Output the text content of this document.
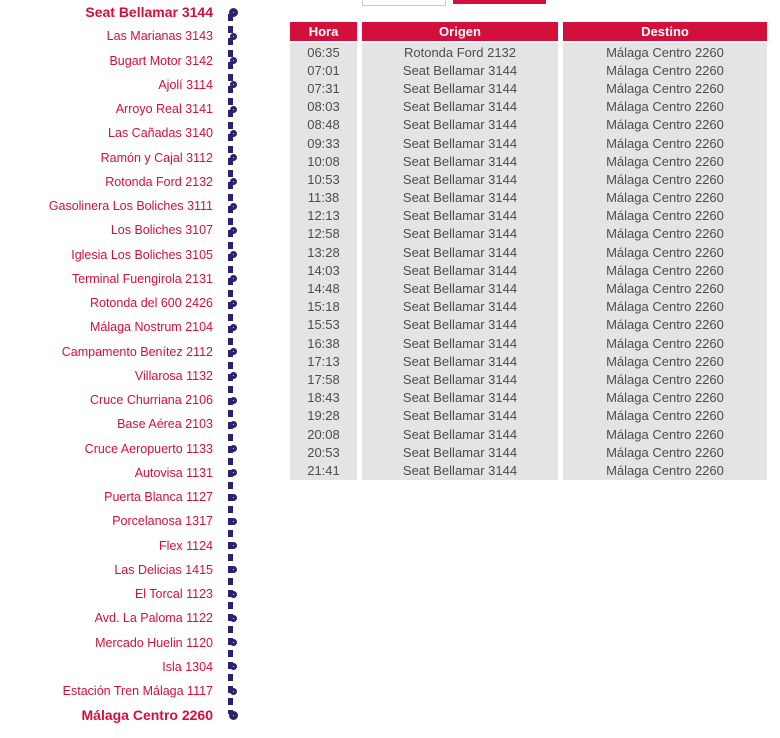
Seat Bellamar 3144
Las Marianas 3143
Bugart Motor 3142
Ajolí 3114
Arroyo Real 3141
Las Cañadas 3140
Ramón y Cajal 3112
Rotonda Ford 2132
Gasolinera Los Boliches 3111
Los Boliches 3107
Iglesia Los Boliches 3105
Terminal Fuengirola 2131
Rotonda del 600 2426
Málaga Nostrum 2104
Campamento Benítez 2112
Villarosa 1132
Cruce Churriana 2106
Base Aérea 2103
Cruce Aeropuerto 1133
Autovisa 1131
Puerta Blanca 1127
Porcelanosa 1317
Flex 1124
Las Delicias 1415
El Torcal 1123
Avd. La Paloma 1122
Mercado Huelin 1120
Isla 1304
Estación Tren Málaga 1117
Málaga Centro 2260
Hora	Origen	Destino
06:35	Rotonda Ford 2132	Málaga Centro 2260
07:01	Seat Bellamar 3144	Málaga Centro 2260
07:31	Seat Bellamar 3144	Málaga Centro 2260
08:03	Seat Bellamar 3144	Málaga Centro 2260
08:48	Seat Bellamar 3144	Málaga Centro 2260
09:33	Seat Bellamar 3144	Málaga Centro 2260
10:08	Seat Bellamar 3144	Málaga Centro 2260
10:53	Seat Bellamar 3144	Málaga Centro 2260
11:38	Seat Bellamar 3144	Málaga Centro 2260
12:13	Seat Bellamar 3144	Málaga Centro 2260
12:58	Seat Bellamar 3144	Málaga Centro 2260
13:28	Seat Bellamar 3144	Málaga Centro 2260
14:03	Seat Bellamar 3144	Málaga Centro 2260
14:48	Seat Bellamar 3144	Málaga Centro 2260
15:18	Seat Bellamar 3144	Málaga Centro 2260
15:53	Seat Bellamar 3144	Málaga Centro 2260
16:38	Seat Bellamar 3144	Málaga Centro 2260
17:13	Seat Bellamar 3144	Málaga Centro 2260
17:58	Seat Bellamar 3144	Málaga Centro 2260
18:43	Seat Bellamar 3144	Málaga Centro 2260
19:28	Seat Bellamar 3144	Málaga Centro 2260
20:08	Seat Bellamar 3144	Málaga Centro 2260
20:53	Seat Bellamar 3144	Málaga Centro 2260
21:41	Seat Bellamar 3144	Málaga Centro 2260
